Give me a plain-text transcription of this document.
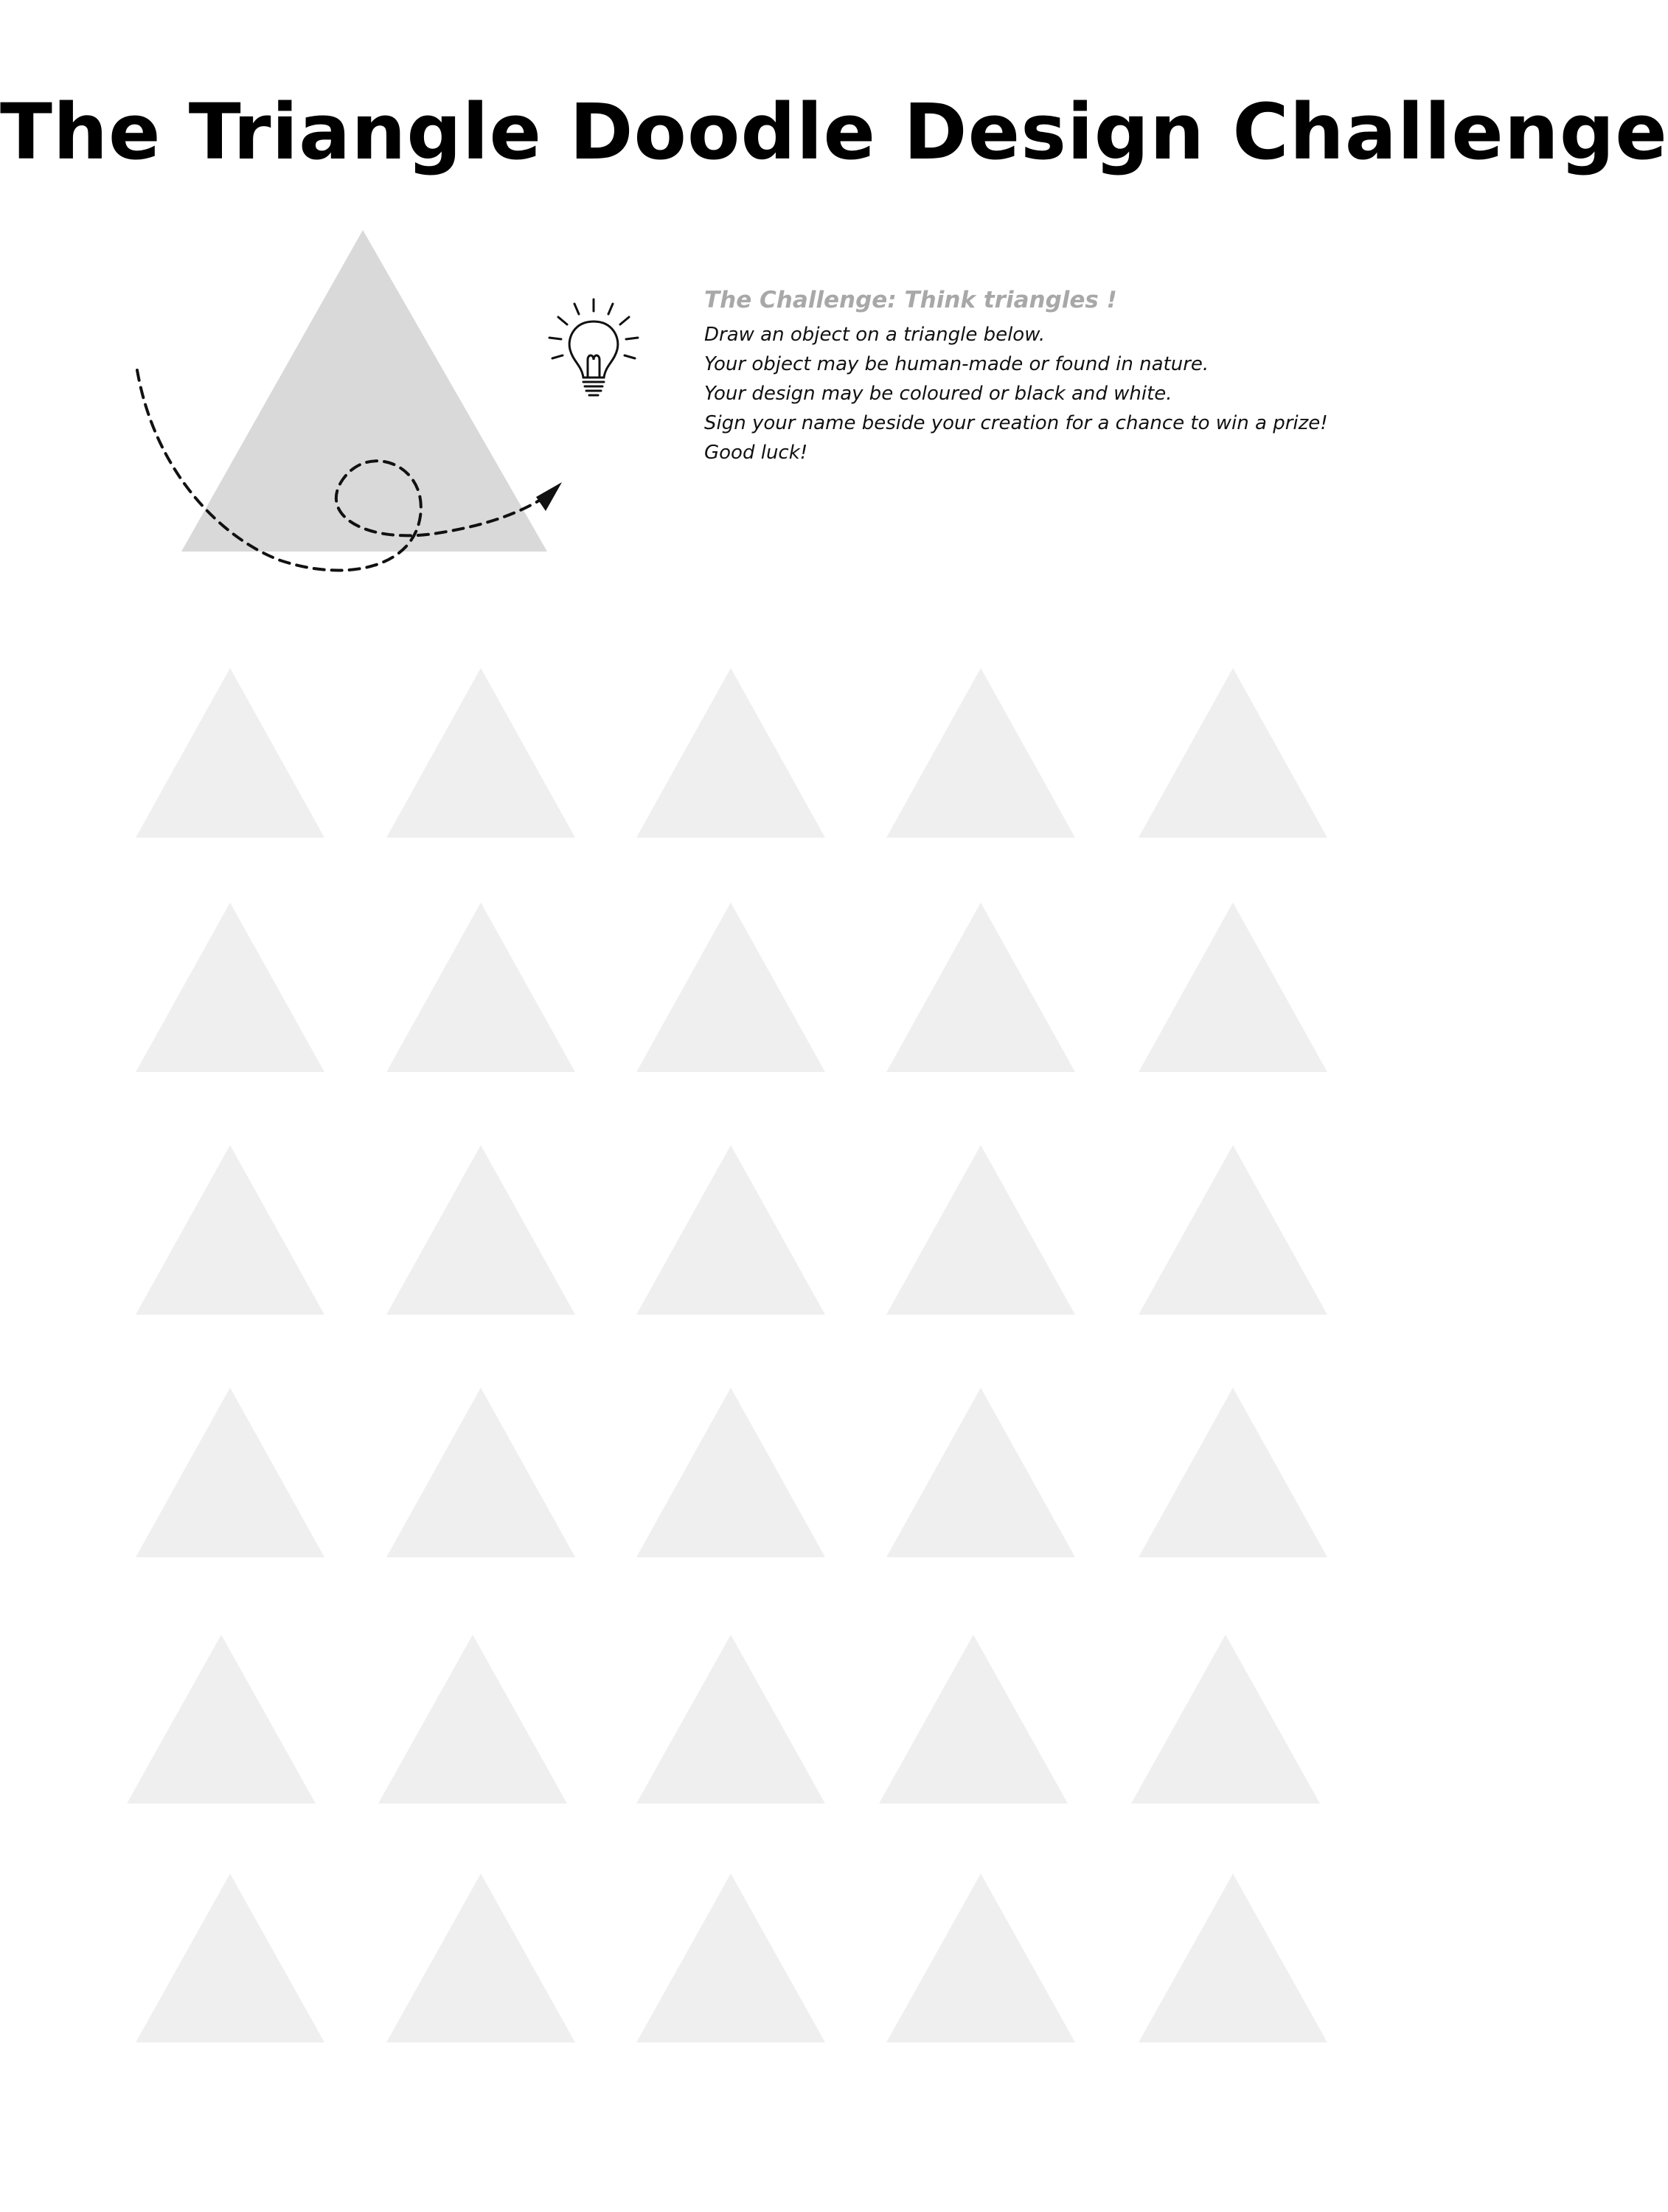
The Triangle Doodle Design Challenge

The Challenge: Think triangles !

Draw an object on a triangle below.

Your object may be human-made or found in nature.

Your design may be coloured or black and white.

Sign your name beside your creation for a chance to win a prize!

Good luck!
